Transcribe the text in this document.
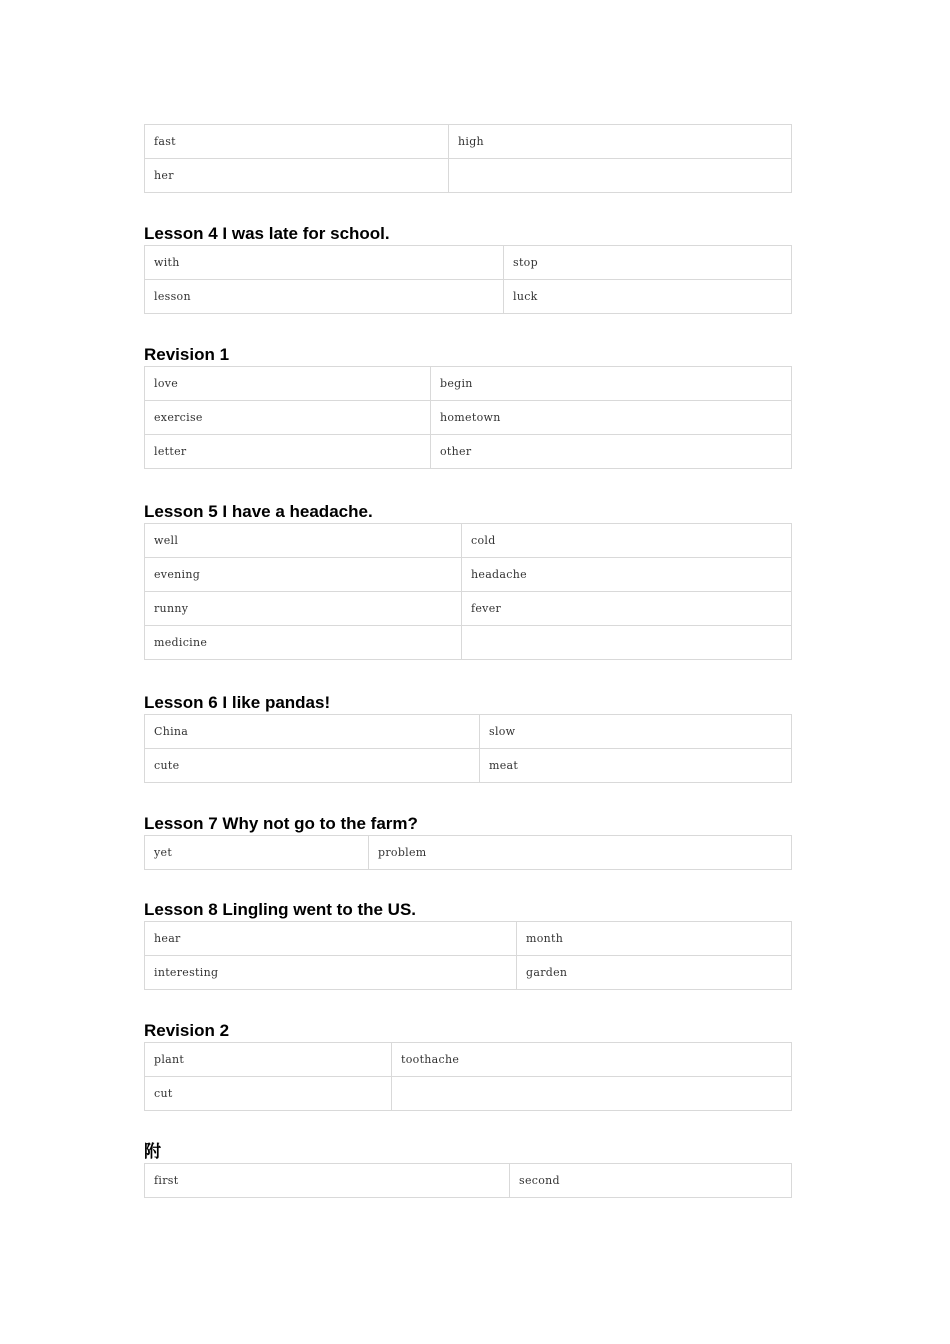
fast	high
her	
Lesson 4 I was late for school.
with	stop
lesson	luck
Revision 1
love	begin
exercise	hometown
letter	other
Lesson 5 I have a headache.
well	cold
evening	headache
runny	fever
medicine	
Lesson 6 I like pandas!
China	slow
cute	meat
Lesson 7 Why not go to the farm?
yet	problem
Lesson 8 Lingling went to the US.
hear	month
interesting	garden
Revision 2
plant	toothache
cut	
附
first	second
